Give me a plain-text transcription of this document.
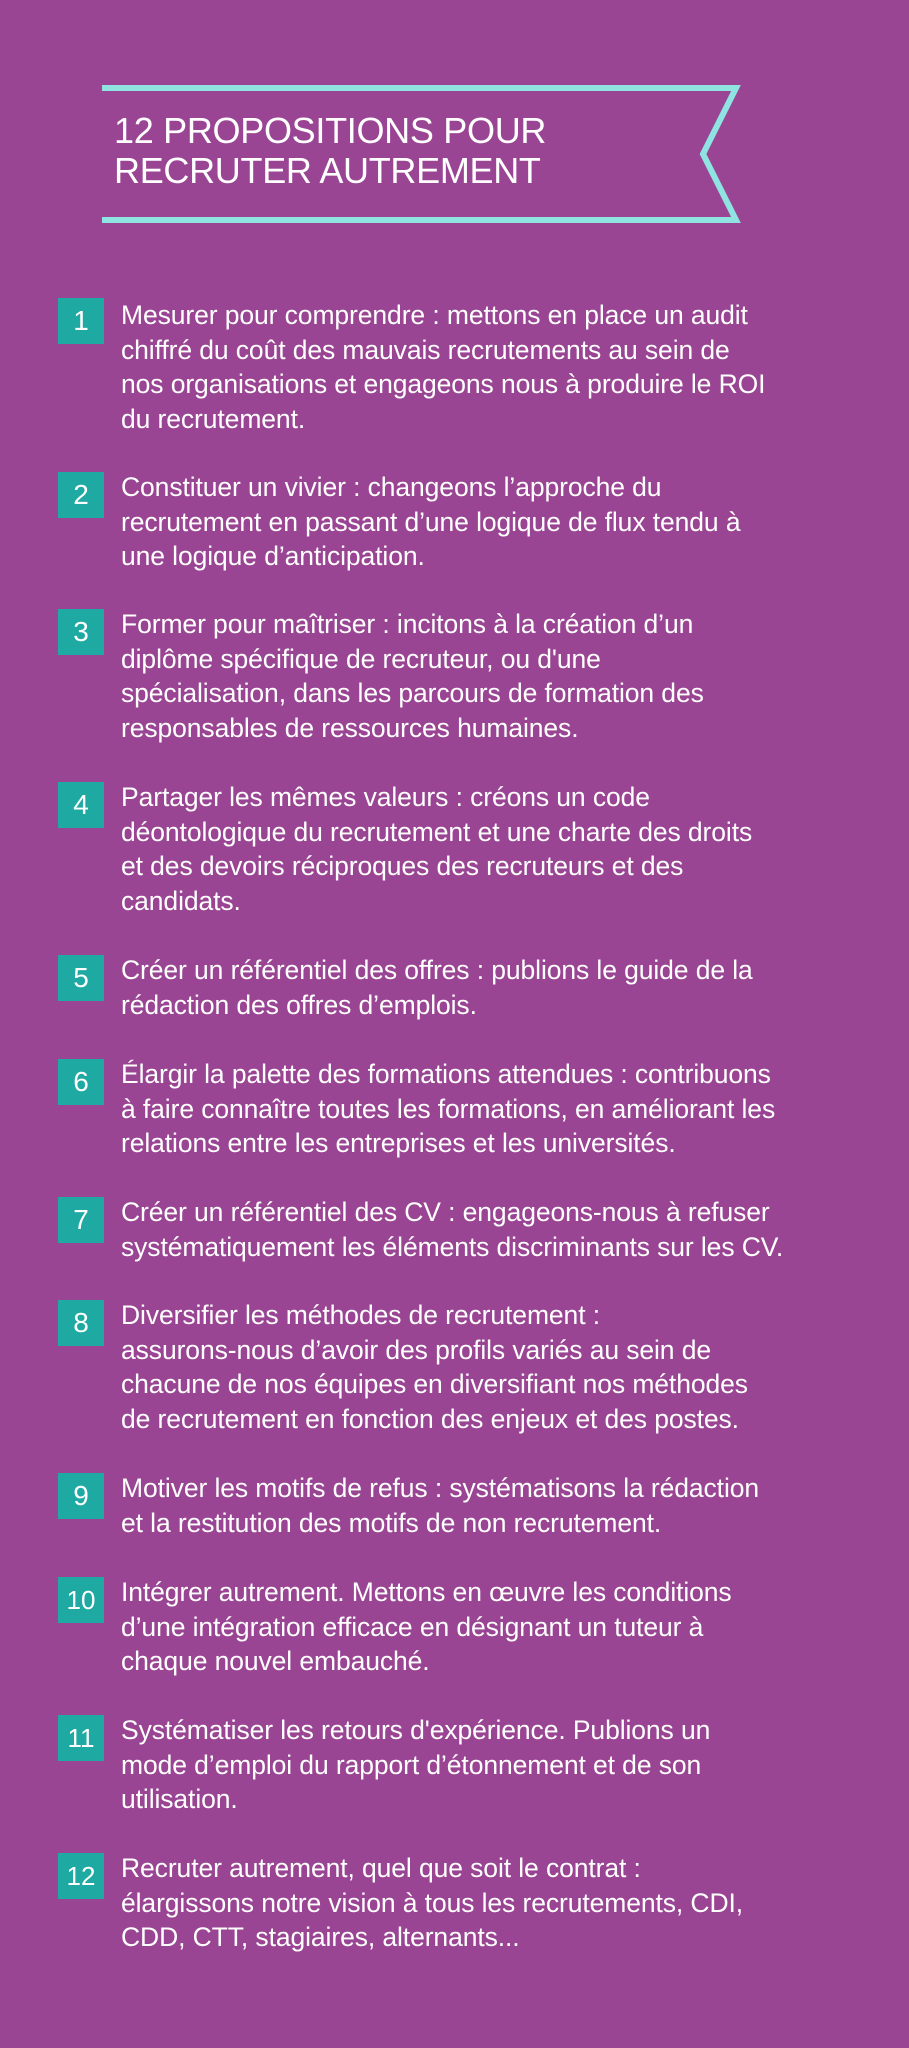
12 PROPOSITIONS POUR
RECRUTER AUTREMENT
1	Mesurer pour comprendre : mettons en place un audit
chiffré du coût des mauvais recrutements au sein de
nos organisations et engageons nous à produire le ROI
du recrutement.
2	Constituer un vivier : changeons l’approche du
recrutement en passant d’une logique de flux tendu à
une logique d’anticipation.
3	Former pour maîtriser : incitons à la création d’un
diplôme spécifique de recruteur, ou d'une
spécialisation, dans les parcours de formation des
responsables de ressources humaines.
4	Partager les mêmes valeurs : créons un code
déontologique du recrutement et une charte des droits
et des devoirs réciproques des recruteurs et des
candidats.
5	Créer un référentiel des offres : publions le guide de la
rédaction des offres d’emplois.
6	Élargir la palette des formations attendues : contribuons
à faire connaître toutes les formations, en améliorant les
relations entre les entreprises et les universités.
7	Créer un référentiel des CV : engageons-nous à refuser
systématiquement les éléments discriminants sur les CV.
8	Diversifier les méthodes de recrutement :
assurons-nous d’avoir des profils variés au sein de
chacune de nos équipes en diversifiant nos méthodes
de recrutement en fonction des enjeux et des postes.
9	Motiver les motifs de refus : systématisons la rédaction
et la restitution des motifs de non recrutement.
10 Intégrer autrement. Mettons en œuvre les conditions
d’une intégration efficace en désignant un tuteur à
chaque nouvel embauché.
11	Systématiser les retours d'expérience. Publions un
mode d’emploi du rapport d’étonnement et de son
utilisation.
12 Recruter autrement, quel que soit le contrat :
élargissons notre vision à tous les recrutements, CDI,
CDD, CTT, stagiaires, alternants...
